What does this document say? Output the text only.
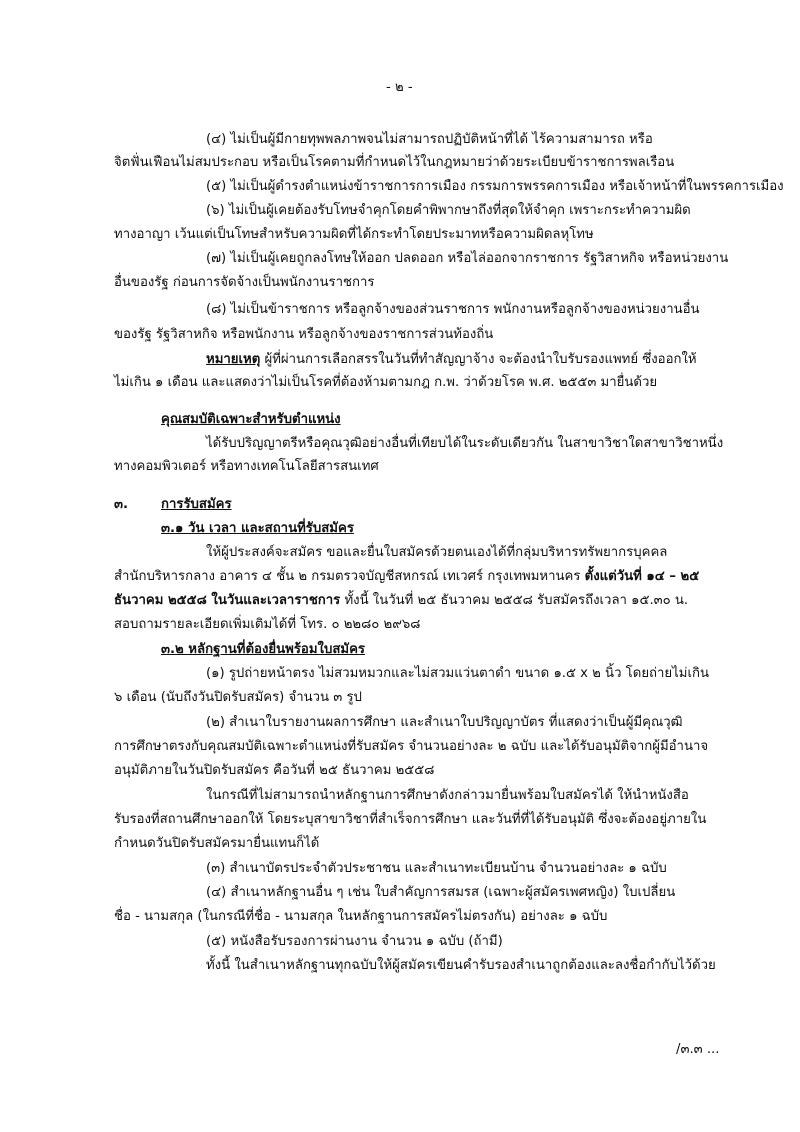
- ๒ -
(๔) ไม่เป็นผู้มีกายทุพพลภาพจนไม่สามารถปฏิบัติหน้าที่ได้ ไร้ความสามารถ หรือ
จิตฟั่นเฟือนไม่สมประกอบ หรือเป็นโรคตามที่กำหนดไว้ในกฎหมายว่าด้วยระเบียบข้าราชการพลเรือน
(๕) ไม่เป็นผู้ดำรงตำแหน่งข้าราชการการเมือง กรรมการพรรคการเมือง หรือเจ้าหน้าที่ในพรรคการเมือง
(๖) ไม่เป็นผู้เคยต้องรับโทษจำคุกโดยคำพิพากษาถึงที่สุดให้จำคุก เพราะกระทำความผิด
ทางอาญา เว้นแต่เป็นโทษสำหรับความผิดที่ได้กระทำโดยประมาทหรือความผิดลหุโทษ
(๗) ไม่เป็นผู้เคยถูกลงโทษให้ออก ปลดออก หรือไล่ออกจากราชการ รัฐวิสาหกิจ หรือหน่วยงาน
อื่นของรัฐ ก่อนการจัดจ้างเป็นพนักงานราชการ
(๘) ไม่เป็นข้าราชการ หรือลูกจ้างของส่วนราชการ พนักงานหรือลูกจ้างของหน่วยงานอื่น
ของรัฐ รัฐวิสาหกิจ หรือพนักงาน หรือลูกจ้างของราชการส่วนท้องถิ่น
หมายเหตุ ผู้ที่ผ่านการเลือกสรรในวันที่ทำสัญญาจ้าง จะต้องนำใบรับรองแพทย์ ซึ่งออกให้
ไม่เกิน ๑ เดือน และแสดงว่าไม่เป็นโรคที่ต้องห้ามตามกฎ ก.พ. ว่าด้วยโรค พ.ศ. ๒๕๕๓ มายื่นด้วย
คุณสมบัติเฉพาะสำหรับตำแหน่ง
ได้รับปริญญาตรีหรือคุณวุฒิอย่างอื่นที่เทียบได้ในระดับเดียวกัน ในสาขาวิชาใดสาขาวิชาหนึ่ง
ทางคอมพิวเตอร์ หรือทางเทคโนโลยีสารสนเทศ
๓. การรับสมัคร
๓.๑ วัน เวลา และสถานที่รับสมัคร
ให้ผู้ประสงค์จะสมัคร ขอและยื่นใบสมัครด้วยตนเองได้ที่กลุ่มบริหารทรัพยากรบุคคล
สำนักบริหารกลาง อาคาร ๔ ชั้น ๒ กรมตรวจบัญชีสหกรณ์ เทเวศร์ กรุงเทพมหานคร ตั้งแต่วันที่ ๑๔ – ๒๕
ธันวาคม ๒๕๕๘ ในวันและเวลาราชการ ทั้งนี้ ในวันที่ ๒๕ ธันวาคม ๒๕๕๘ รับสมัครถึงเวลา ๑๕.๓๐ น.
สอบถามรายละเอียดเพิ่มเติมได้ที่ โทร. ๐ ๒๒๘๐ ๒๙๖๘
๓.๒ หลักฐานที่ต้องยื่นพร้อมใบสมัคร
(๑) รูปถ่ายหน้าตรง ไม่สวมหมวกและไม่สวมแว่นตาดำ ขนาด ๑.๕ x ๒ นิ้ว โดยถ่ายไม่เกิน
๖ เดือน (นับถึงวันปิดรับสมัคร) จำนวน ๓ รูป
(๒) สำเนาใบรายงานผลการศึกษา และสำเนาใบปริญญาบัตร ที่แสดงว่าเป็นผู้มีคุณวุฒิ
การศึกษาตรงกับคุณสมบัติเฉพาะตำแหน่งที่รับสมัคร จำนวนอย่างละ ๒ ฉบับ และได้รับอนุมัติจากผู้มีอำนาจ
อนุมัติภายในวันปิดรับสมัคร คือวันที่ ๒๕ ธันวาคม ๒๕๕๘
ในกรณีที่ไม่สามารถนำหลักฐานการศึกษาดังกล่าวมายื่นพร้อมใบสมัครได้ ให้นำหนังสือ
รับรองที่สถานศึกษาออกให้ โดยระบุสาขาวิชาที่สำเร็จการศึกษา และวันที่ที่ได้รับอนุมัติ ซึ่งจะต้องอยู่ภายใน
กำหนดวันปิดรับสมัครมายื่นแทนก็ได้
(๓) สำเนาบัตรประจำตัวประชาชน และสำเนาทะเบียนบ้าน จำนวนอย่างละ ๑ ฉบับ
(๔) สำเนาหลักฐานอื่น ๆ เช่น ใบสำคัญการสมรส (เฉพาะผู้สมัครเพศหญิง) ใบเปลี่ยน
ชื่อ - นามสกุล (ในกรณีที่ชื่อ - นามสกุล ในหลักฐานการสมัครไม่ตรงกัน) อย่างละ ๑ ฉบับ
(๕) หนังสือรับรองการผ่านงาน จำนวน ๑ ฉบับ (ถ้ามี)
ทั้งนี้ ในสำเนาหลักฐานทุกฉบับให้ผู้สมัครเขียนคำรับรองสำเนาถูกต้องและลงชื่อกำกับไว้ด้วย
/๓.๓ ...
